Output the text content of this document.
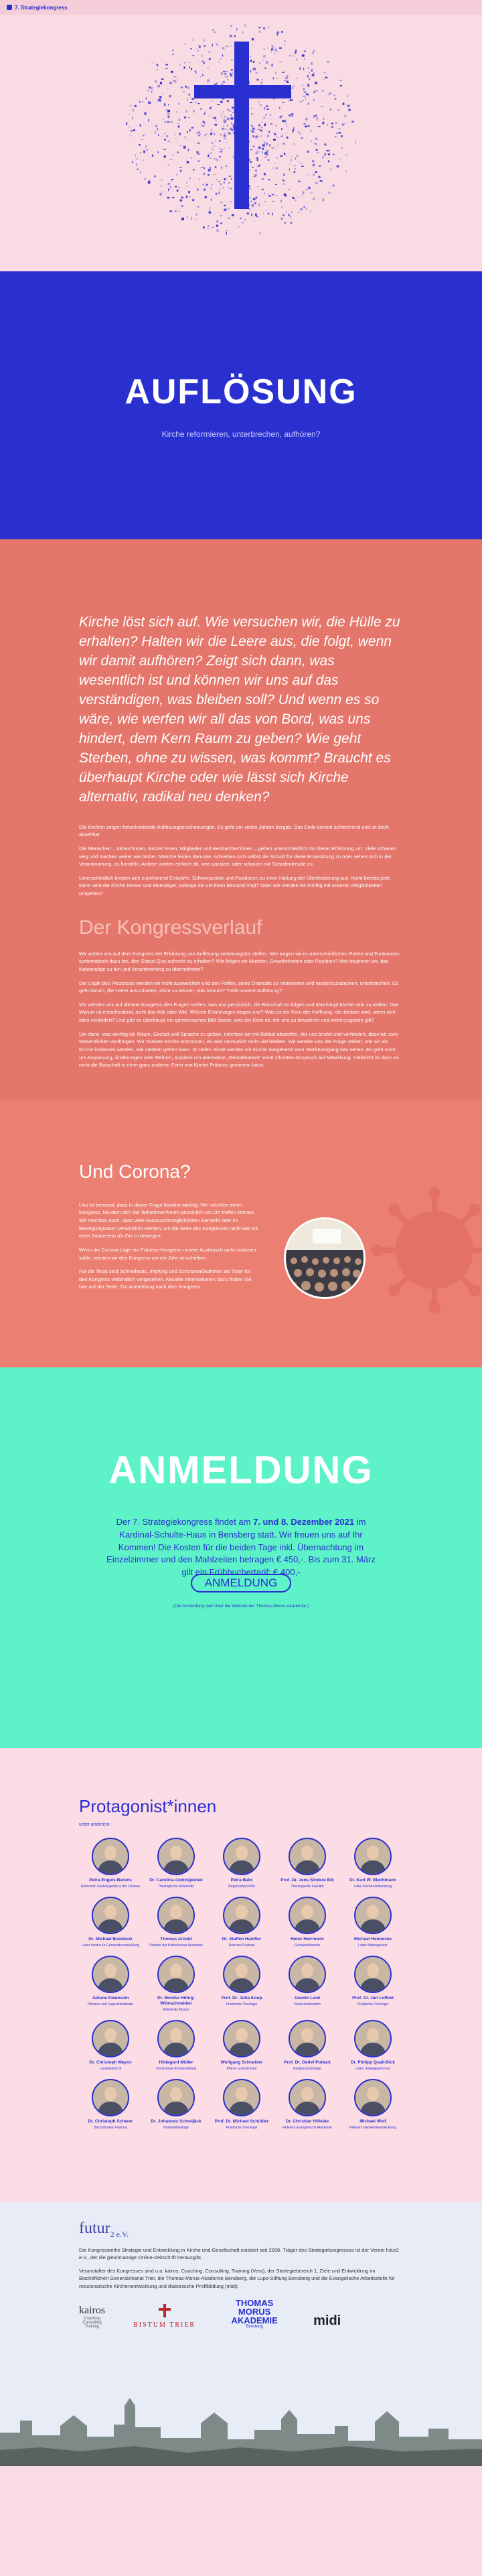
7. Strategiekongress
AUFLÖSUNG

Kirche reformieren, unterbrechen, aufhören?

Kirche löst sich auf. Wie versuchen wir, die Hülle zu erhalten? Halten wir die Leere aus, die folgt, wenn wir damit aufhören? Zeigt sich dann, was wesentlich ist und können wir uns auf das verständigen, was bleiben soll? Und wenn es so wäre, wie werfen wir all das von Bord, was uns hindert, dem Kern Raum zu geben? Wie geht Sterben, ohne zu wissen, was kommt? Braucht es überhaupt Kirche oder wie lässt sich Kirche alternativ, radikal neu denken?

Die Kirchen zeigen fortschreitende Auflösungserscheinungen. Es geht um vielen Jahren bergab. Das Ende kommt schleichend und ist doch absehbar.

Die Menschen – Akteur*innen, Nutzer*innen, Mitglieder und Beobachter*innen – gehen unterschiedlich mit dieser Erfahrung um: Viele schauen weg und machen weiter wie bisher. Manche leiden darunter, schreiben sich selbst die Schuld für diese Entwicklung zu oder sehen sich in der Verantwortung, zu handeln. Andere warten einfach ab, was passiert, oder schauen mit Schadenfreude zu.

Unterschiedlich breiten sich zunehmend Entwürfe, Schwerpunkte und Positionen zu einer Haltung der Überforderung aus. Nicht bereits jetzt, wann wird die Kirche besser und lebendiger, solange sie um ihren Bestand ringt? Oder wie werden wir künftig mit unseren Möglichkeiten umgehen?

Der Kongressverlauf

Wir wollen uns auf dem Kongress der Erfahrung von Auflösung sicherungslos stellen. Wie tragen wir in unterschiedlichen Rollen und Funktionen systematisch dazu bei, den Status Quo aufrecht zu erhalten? Wie folgen wir Mustern, Gewohnheiten oder Routinen? Wie beginnen wir, das Notwendige zu tun und Verantwortung zu übernehmen?

Der Logik des Prozesses werden wir nicht ausweichen und den Reflex, seine Dramatik zu relativieren und wiederzuzudecken, unterbrechen. Es geht darum, die Leere auszuhalten, ohne zu wissen, was kommt? Treibt unsere Auflösung?

Wir werden uns auf diesem Kongress den Fragen stellen, was uns persönlich, die Botschaft zu folgen und überhaupt Kirche sein zu wollen. Das Warum ist entscheidend, nicht das Wie oder Wie. Welche Erfahrungen tragen uns? Was ist der Kern der Hoffnung, der bleiben wird, wenn sich alles verändert? Und gibt es überhaupt ein gemeinsames Bild davon, was der Kern ist, der uns zu bewahren und weiterzugeben gilt?

Um dann, was wichtig ist, Raum, Gestalt und Sprache zu geben, möchten wir mit Ballast abwerfen, der uns bindet und verhindert, dass wir zum Wesentlichen vordringen. Wir müssen Kirche entmotzen, es wird vermutlich nicht viel bleiben. Wir werden uns der Frage stellen, wie wir als Kirche loslassen werden, wie sterben gehen kann. Im tiefen Sinne werden wir Kirche ausgehend vom Sterbevorgang neu sehen. Es geht nicht um Anpassung, Änderungen oder Reform, sondern um alternative „Gestaltbarkeit“ einer Christen-Anspruch auf Mitwirkung. Vielleicht ist dann es nicht die Botschaft in einer ganz anderen Form von Kirche Präsenz gewinnen kann.

Und Corona?

Uns ist bewusst, dass in dieser Frage Kantine wichtig: Wir möchten einen Kongress, bei dem sich die Teilnehmer*innen persönlich vor Ort treffen können. Wir möchten auch, dass viele Austauschmöglichkeiten Bemerkt oder im Bewegungsraum verwirklicht werden, um die Seite des Kongresses nicht wie mit einer Zaubererin als Ort zu bewegen.

Wenn die Corona-Lage ein Präsenz-Kongress unsere Austausch nicht zulassen sollte, werden wir den Kongress um ein Jahr verschieben.

Für die Tests sind Schnelltests, Impfung und Schutzmaßnahmen als Tutor für den Kongress verbindlich vorgesehen. Aktuelle Informationen dazu finden Sie hier auf der Seite. Zur Anmeldung nach dem Kongress.

ANMELDUNG

Der 7. Strategiekongress findet am 7. und 8. Dezember 2021 im Kardinal-Schulte-Haus in Bensberg statt. Wir freuen uns auf Ihr Kommen! Die Kosten für die beiden Tage inkl. Übernachtung im Einzelzimmer und den Mahlzeiten betragen € 450,-. Bis zum 31. März gilt ein Frühbuchertarif: € 400,-

ANMELDUNG

(Die Anmeldung läuft über die Website der Thomas-Morus-Akademie.)

Protagonist*innen

unter anderem:

Petra Engels-Berens
Referentin Seelsorgende in der Diözese
Dr. Carolina Andrzejewski
Theologische Referentin
Petra Bahr
Regionalbischöfin
Prof. Dr. Jens Sindere Bik
Theologische Fakultät
Dr. Kurt W. Blechmann
Leiter Kirchenentwicklung
Dr. Michael Bondesik
Leiter Institut für Gemeindeentwicklung
Thomas Arnold
Direktor der Katholischen Akademie
Dr. Steffen Hamfler
Referent Pastoral
Heinz Herrmann
Gemeindeberater
Michael Hennecke
Leiter Bildungswerk
Juliane Kleemann
Pfarrerin und Superintendentin
Dr. Monika Höhrg-Wilmschneiden
Referentin Bistum
Prof. Dr. Jutta Koop
Praktische Theologie
Jasmin Lenk
Pastoralreferentin
Prof. Dr. Jan Loffeld
Praktische Theologie
Dr. Christoph Meyns
Landesbischof
Hildegard Müller
Vorsitzende Kirchenstiftung
Wolfgang Schneider
Pfarrer und Dechant
Prof. Dr. Detlef Pollack
Religionssoziologe
Dr. Philipp Quall-Dick
Leiter Strategieprozess
Dr. Christoph Scherer
Bischofsvikar Pastoral
Dr. Johannes Schreijäck
Pastoraltheologe
Prof. Dr. Michael Schüßler
Praktische Theologie
Dr. Christian Höfelde
Referent Evangelische Akademie
Michael Wolf
Referent Gemeindeentwicklung
futur$_{2 e.V.}$

Die Kongressreihe Strategie und Entwicklung in Kirche und Gesellschaft existiert seit 2008. Träger des Strategiekongresses ist der Verein futur2 e.V., der die gleichnamige Online-Zeitschrift herausgibt.

Veranstalter des Kongresses sind u.a. kairos, Coaching, Consulting, Training (Vera), der Strategiebereich 1, Ziele und Entwicklung im Bischöflichen Generalvikariat Trier, die Thomas-Morus-Akademie Bensberg, die Lupo-Stiftung Bensberg und die Evangelische Arbeitsstelle für missionarische Kirchenentwicklung und diakonische Profilbildung (midi).

kairos
Coaching
Consulting
Training	BISTUM TRIER
THOMAS MORUS AKADEMIE
Bensberg	midi
